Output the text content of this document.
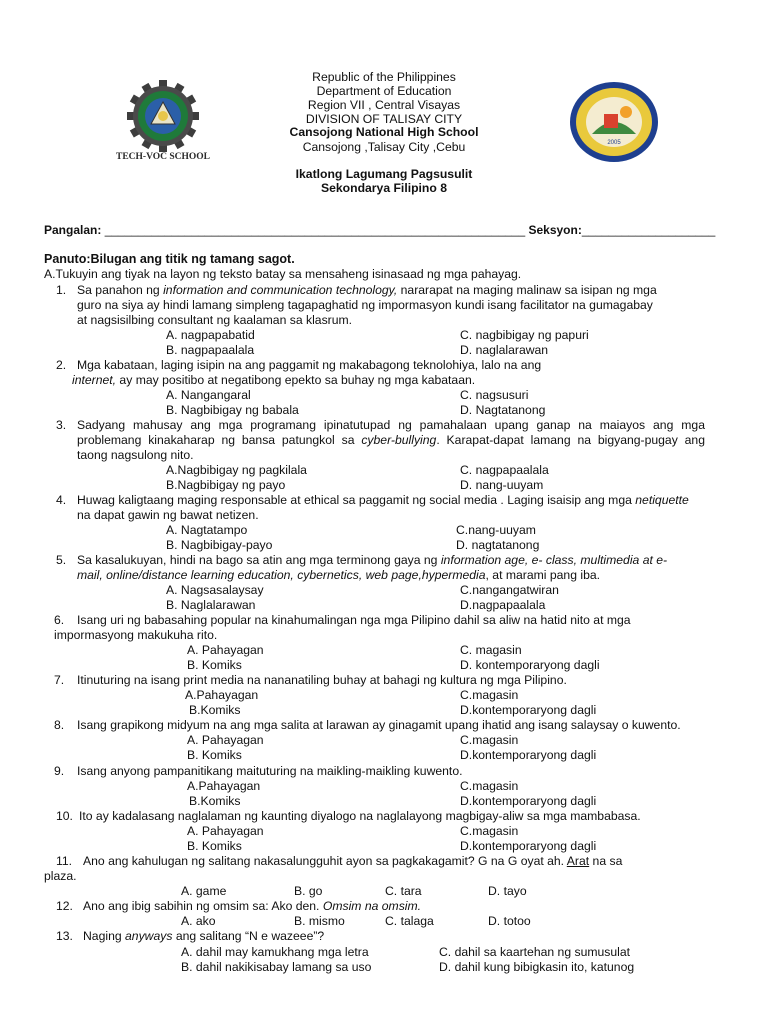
TECH-VOC SCHOOL
2005
Republic of the Philippines
Department of Education
Region VII , Central Visayas
DIVISION OF TALISAY CITY
Cansojong National High School
Cansojong ,Talisay City ,Cebu
Ikatlong Lagumang Pagsusulit
Sekondarya Filipino 8
Pangalan: _______________________________________________________________ Seksyon:____________________
Panuto:Bilugan ang titik ng tamang sagot.
A.Tukuyin ang tiyak na layon ng teksto batay sa mensaheng isinasaad ng mga pahayag.
1. Sa panahon ng information and communication technology, nararapat na maging malinaw sa isipan ng mga
guro na siya ay hindi lamang simpleng tagapaghatid ng impormasyon kundi isang facilitator na gumagabay
at nagsisilbing consultant ng kaalaman sa klasrum.
A. nagpapabatid	C. nagbibigay ng papuri
B. nagpapaalala	D. naglalarawan
2. Mga kabataan, laging isipin na ang paggamit ng makabagong teknolohiya, lalo na ang
internet, ay may positibo at negatibong epekto sa buhay ng mga kabataan.
A. Nangangaral	C. nagsusuri
B. Nagbibigay ng babala	D. Nagtatanong
3. Sadyang mahusay ang mga programang ipinatutupad ng pamahalaan upang ganap na maiayos ang mga
problemang kinakaharap ng bansa patungkol sa cyber-bullying. Karapat-dapat lamang na bigyang-pugay ang
taong nagsulong nito.
A.Nagbibigay ng pagkilala	C. nagpapaalala
B.Nagbibigay ng payo	D. nang-uuyam
4. Huwag kaligtaang maging responsable at ethical sa paggamit ng social media . Laging isaisip ang mga netiquette
na dapat gawin ng bawat netizen.
A. Nagtatampo	C.nang-uuyam
B. Nagbibigay-payo	D. nagtatanong
5. Sa kasalukuyan, hindi na bago sa atin ang mga terminong gaya ng information age, e- class, multimedia at e-
mail, online/distance learning education, cybernetics, web page,hypermedia, at marami pang iba.
A. Nagsasalaysay	C.nangangatwiran
B. Naglalarawan	D.nagpapaalala
6. Isang uri ng babasahing popular na kinahumalingan nga mga Pilipino dahil sa aliw na hatid nito at mga
impormasyong makukuha rito.
A. Pahayagan	C. magasin
B. Komiks	D. kontemporaryong dagli
7. Itinuturing na isang print media na nananatiling buhay at bahagi ng kultura ng mga Pilipino.
A.Pahayagan	C.magasin
B.Komiks	D.kontemporaryong dagli
8. Isang grapikong midyum na ang mga salita at larawan ay ginagamit upang ihatid ang isang salaysay o kuwento.
A. Pahayagan	C.magasin
B. Komiks	D.kontemporaryong dagli
9. Isang anyong pampanitikang maituturing na maikling-maikling kuwento.
A.Pahayagan	C.magasin
B.Komiks	D.kontemporaryong dagli
10. Ito ay kadalasang naglalaman ng kaunting diyalogo na naglalayong magbigay-aliw sa mga mambabasa.
A. Pahayagan	C.magasin
B. Komiks	D.kontemporaryong dagli
11. Ano ang kahulugan ng salitang nakasalungguhit ayon sa pagkakagamit? G na G oyat ah. Arat na sa
plaza.
A. game	B. go	C. tara	D. tayo
12. Ano ang ibig sabihin ng omsim sa: Ako den. Omsim na omsim.
A. ako	B. mismo	C. talaga	D. totoo
13. Naging anyways ang salitang “N e wazeee”?
A. dahil may kamukhang mga letra	C. dahil sa kaartehan ng sumusulat
B. dahil nakikisabay lamang sa uso	D. dahil kung bibigkasin ito, katunog
